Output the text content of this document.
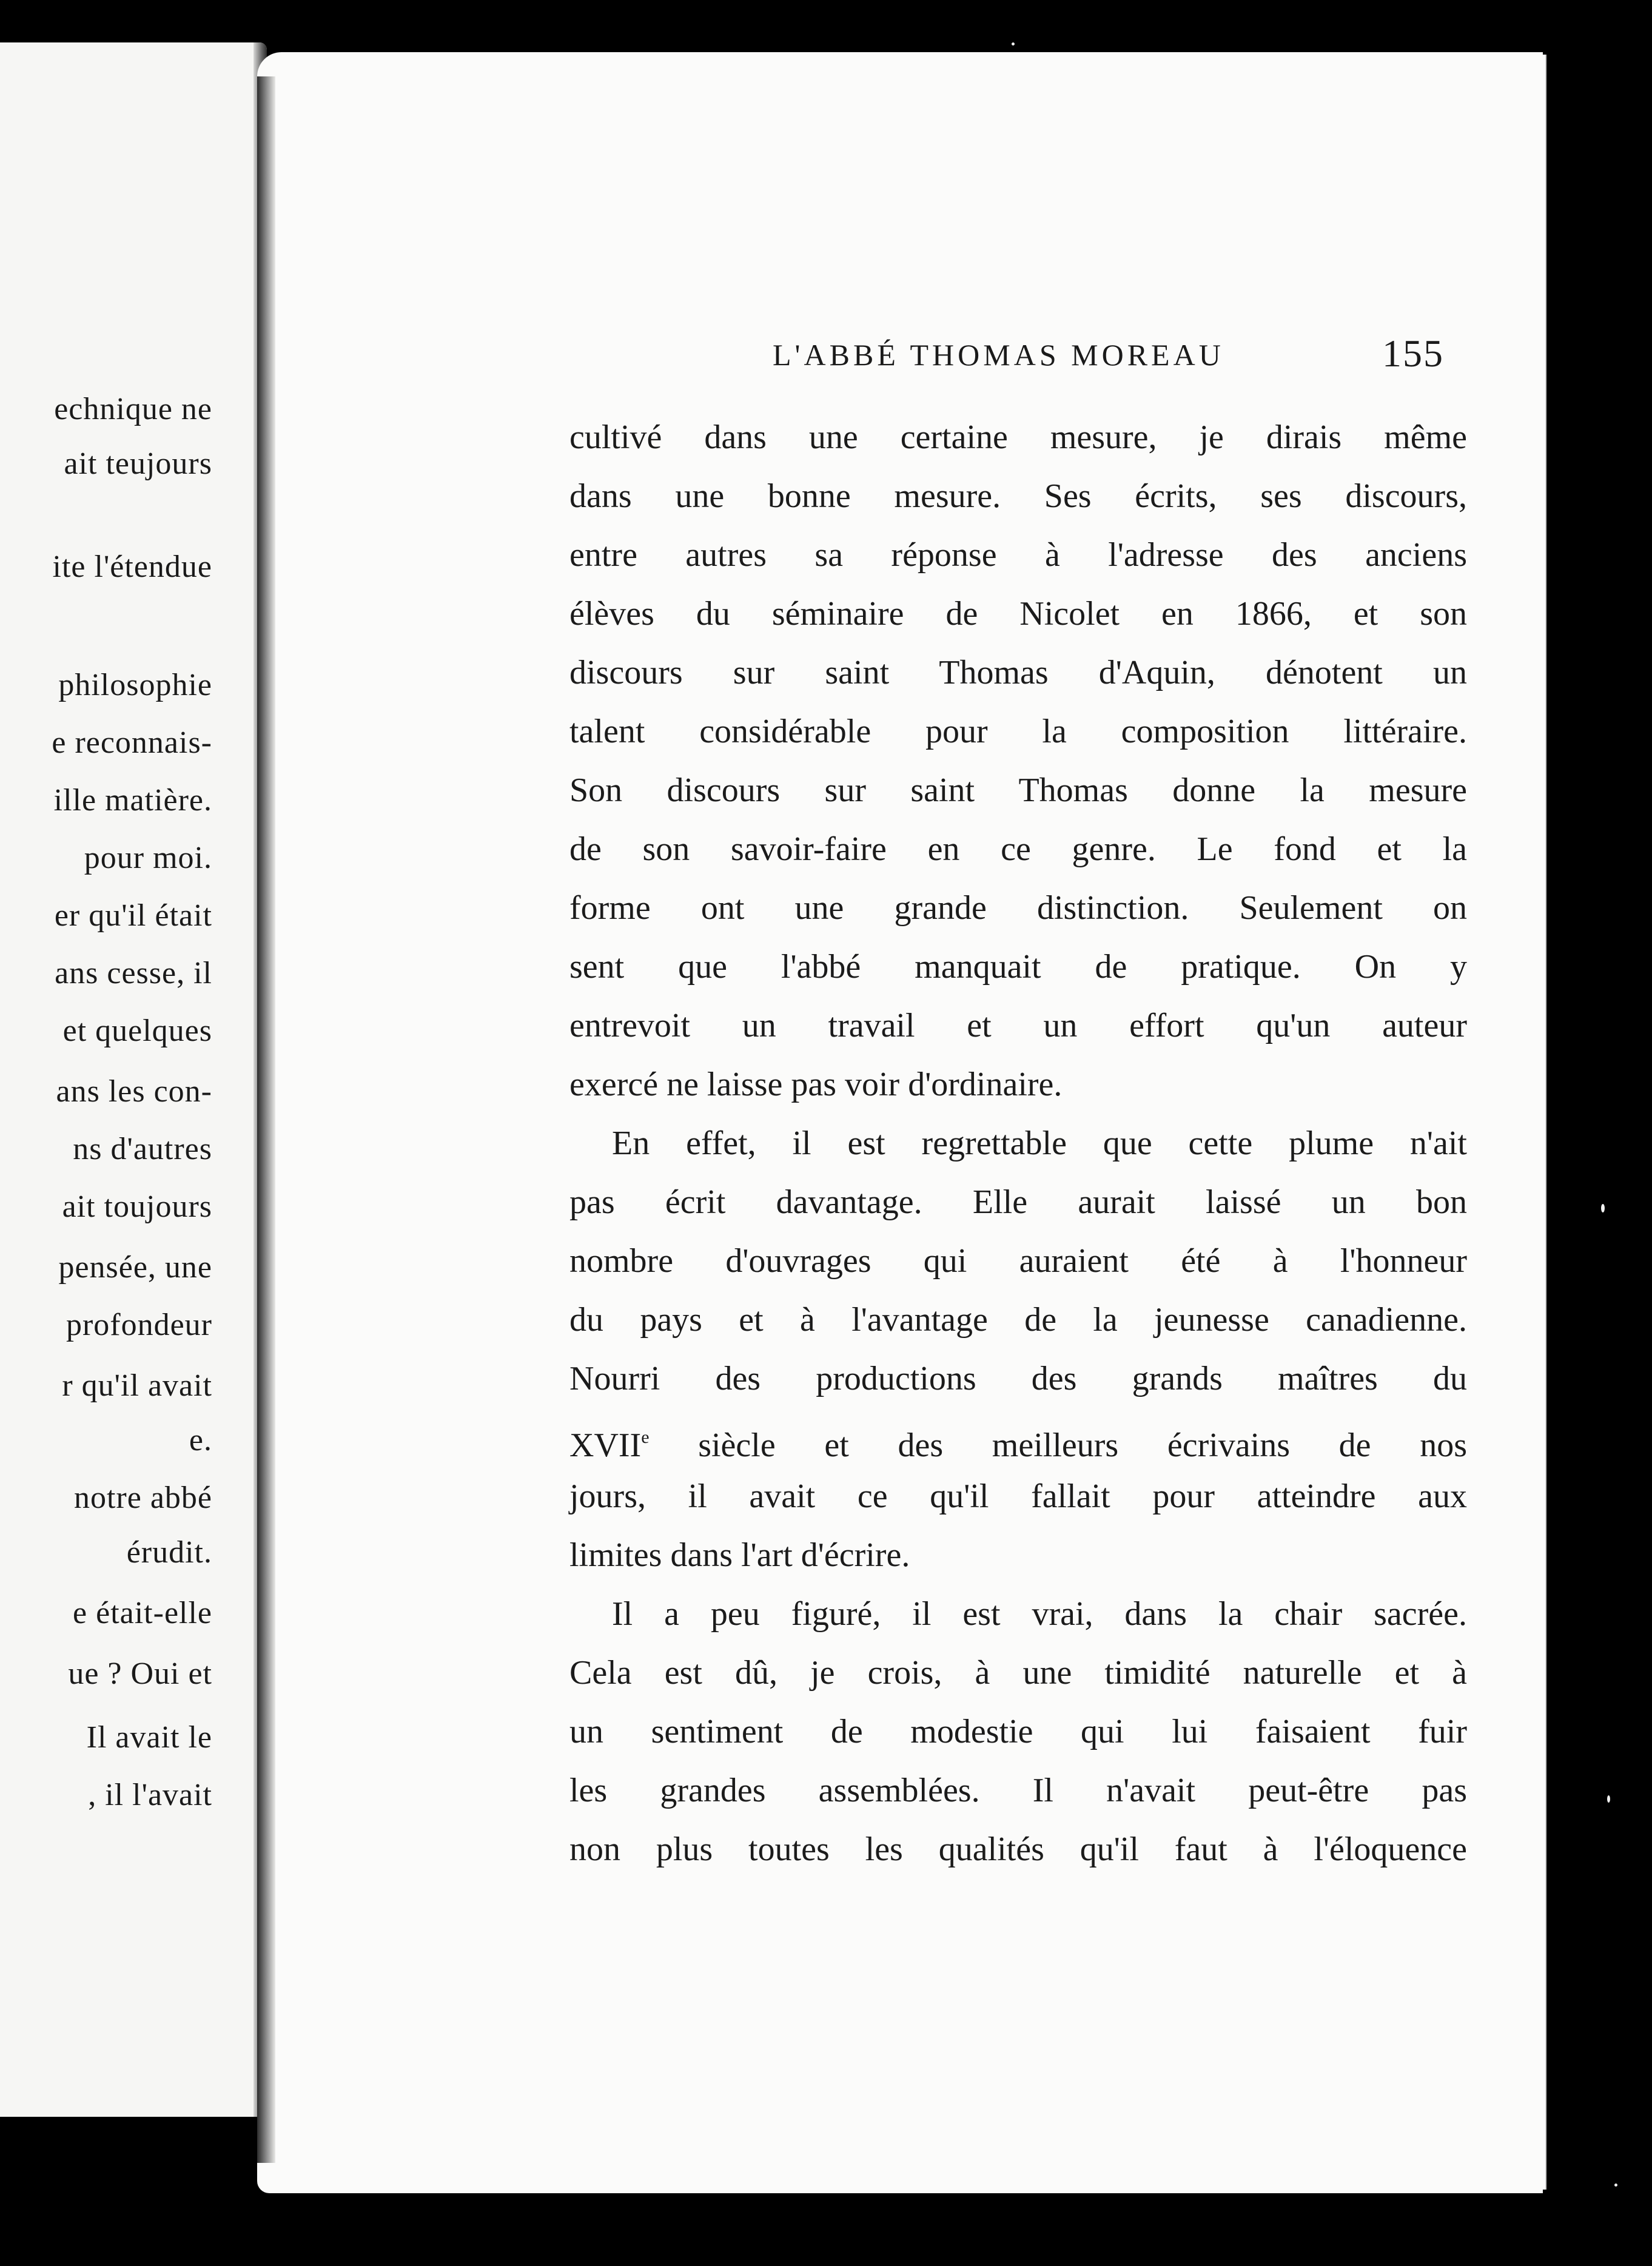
echnique ne
ait teujours
ite l'étendue
philosophie
e reconnais-
ille matière.
pour moi.
er qu'il était
ans cesse, il
et quelques
ans les con-
ns d'autres
ait toujours
pensée, une
profondeur
r qu'il avait
e.
notre abbé
érudit.
e était-elle
ue ? Oui et
Il avait le
, il l'avait
L'ABBÉ THOMAS MOREAU	155
cultivé dans une certaine mesure, je dirais même
dans une bonne mesure. Ses écrits, ses discours,
entre autres sa réponse à l'adresse des anciens
élèves du séminaire de Nicolet en 1866, et son
discours sur saint Thomas d'Aquin, dénotent un
talent considérable pour la composition littéraire.
Son discours sur saint Thomas donne la mesure
de son savoir-faire en ce genre. Le fond et la
forme ont une grande distinction. Seulement on
sent que l'abbé manquait de pratique. On y
entrevoit un travail et un effort qu'un auteur
exercé ne laisse pas voir d'ordinaire.
En effet, il est regrettable que cette plume n'ait
pas écrit davantage. Elle aurait laissé un bon
nombre d'ouvrages qui auraient été à l'honneur
du pays et à l'avantage de la jeunesse canadienne.
Nourri des productions des grands maîtres du
XVIIe siècle et des meilleurs écrivains de nos
jours, il avait ce qu'il fallait pour atteindre aux
limites dans l'art d'écrire.
Il a peu figuré, il est vrai, dans la chair sacrée.
Cela est dû, je crois, à une timidité naturelle et à
un sentiment de modestie qui lui faisaient fuir
les grandes assemblées. Il n'avait peut-être pas
non plus toutes les qualités qu'il faut à l'éloquence
